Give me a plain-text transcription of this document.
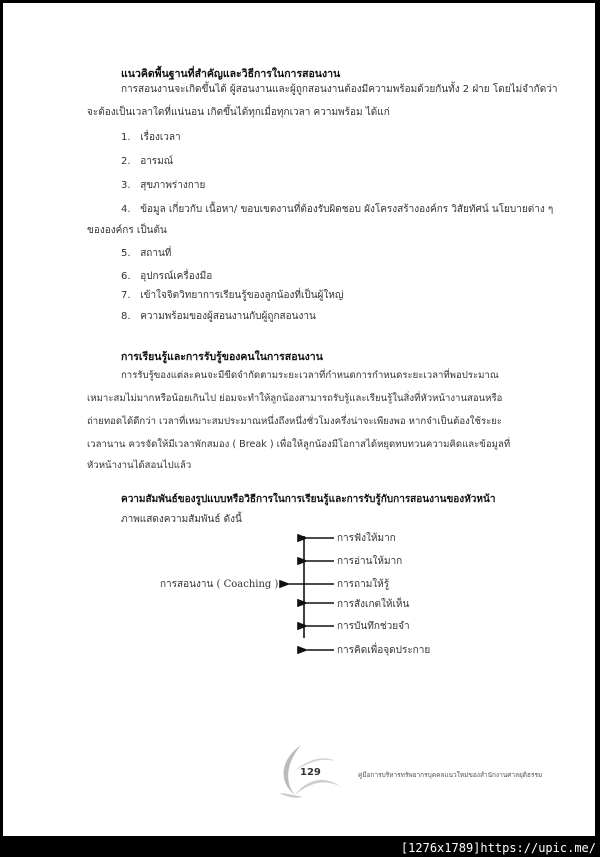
แนวคิดพื้นฐานที่สำคัญและวิธีการในการสอนงาน
การสอนงานจะเกิดขึ้นได้ ผู้สอนงานและผู้ถูกสอนงานต้องมีความพร้อมด้วยกันทั้ง 2 ฝ่าย โดยไม่จำกัดว่า
จะต้องเป็นเวลาใดที่แน่นอน เกิดขึ้นได้ทุกเมื่อทุกเวลา ความพร้อม ได้แก่
1. เรื่องเวลา
2. อารมณ์
3. สุขภาพร่างกาย
4. ข้อมูล เกี่ยวกับ เนื้อหา/ ขอบเขตงานที่ต้องรับผิดชอบ ผังโครงสร้างองค์กร วิสัยทัศน์ นโยบายต่าง ๆ
ขององค์กร เป็นต้น
5. สถานที่
6. อุปกรณ์เครื่องมือ
7. เข้าใจจิตวิทยาการเรียนรู้ของลูกน้องที่เป็นผู้ใหญ่
8. ความพร้อมของผู้สอนงานกับผู้ถูกสอนงาน
การเรียนรู้และการรับรู้ของคนในการสอนงาน
การรับรู้ของแต่ละคนจะมีขีดจำกัดตามระยะเวลาที่กำหนดการกำหนดระยะเวลาที่พอประมาณ
เหมาะสมไม่มากหรือน้อยเกินไป ย่อมจะทำให้ลูกน้องสามารถรับรู้และเรียนรู้ในสิ่งที่หัวหน้างานสอนหรือ
ถ่ายทอดได้ดีกว่า เวลาที่เหมาะสมประมาณหนึ่งถึงหนึ่งชั่วโมงครึ่งน่าจะเพียงพอ หากจำเป็นต้องใช้ระยะ
เวลานาน ควรจัดให้มีเวลาพักสมอง ( Break ) เพื่อให้ลูกน้องมีโอกาสได้หยุดทบทวนความคิดและข้อมูลที่
หัวหน้างานได้สอนไปแล้ว
ความสัมพันธ์ของรูปแบบหรือวิธีการในการเรียนรู้และการรับรู้กับการสอนงานของหัวหน้า
ภาพแสดงความสัมพันธ์ ดังนี้
การสอนงาน ( Coaching )
การฟังให้มาก
การอ่านให้มาก
การถามให้รู้
การสังเกตให้เห็น
การบันทึกช่วยจำ
การคิดเพื่อจุดประกาย
129	คู่มือการบริหารทรัพยากรบุคคลแนวใหม่ของสำนักงานศาลยุติธรรม
[1276x1789]https://upic.me/
